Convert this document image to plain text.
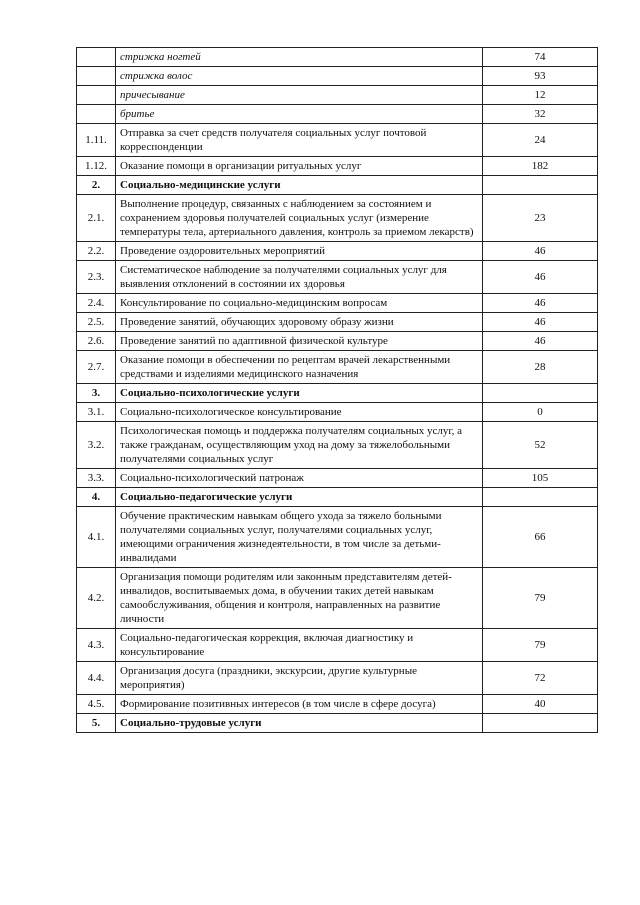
	стрижка ногтей	74
	стрижка волос	93
	причесывание	12
	бритье	32
1.11.	Отправка за счет средств получателя социальных услуг почтовой корреспонденции	24
1.12.	Оказание помощи в организации ритуальных услуг	182
2.	Социально-медицинские услуги	
2.1.	Выполнение процедур, связанных с наблюдением за состоянием и сохранением здоровья получателей социальных услуг (измерение температуры тела, артериального давления, контроль за приемом лекарств)	23
2.2.	Проведение оздоровительных мероприятий	46
2.3.	Систематическое наблюдение за получателями социальных услуг для выявления отклонений в состоянии их здоровья	46
2.4.	Консультирование по социально-медицинским вопросам	46
2.5.	Проведение занятий, обучающих здоровому образу жизни	46
2.6.	Проведение занятий по адаптивной физической культуре	46
2.7.	Оказание помощи в обеспечении по рецептам врачей лекарственными средствами и изделиями медицинского назначения	28
3.	Социально-психологические услуги	
3.1.	Социально-психологическое консультирование	0
3.2.	Психологическая помощь и поддержка получателям социальных услуг, а также гражданам, осуществляющим уход на дому за тяжелобольными получателями социальных услуг	52
3.3.	Социально-психологический патронаж	105
4.	Социально-педагогические услуги	
4.1.	Обучение практическим навыкам общего ухода за тяжело больными получателями социальных услуг, получателями социальных услуг, имеющими ограничения жизнедеятельности, в том числе за детьми-инвалидами	66
4.2.	Организация помощи родителям или законным представителям детей-инвалидов, воспитываемых дома, в обучении таких детей навыкам самообслуживания, общения и контроля, направленных на развитие личности	79
4.3.	Социально-педагогическая коррекция, включая диагностику и консультирование	79
4.4.	Организация досуга (праздники, экскурсии, другие культурные мероприятия)	72
4.5.	Формирование позитивных интересов (в том числе в сфере досуга)	40
5.	Социально-трудовые услуги	
